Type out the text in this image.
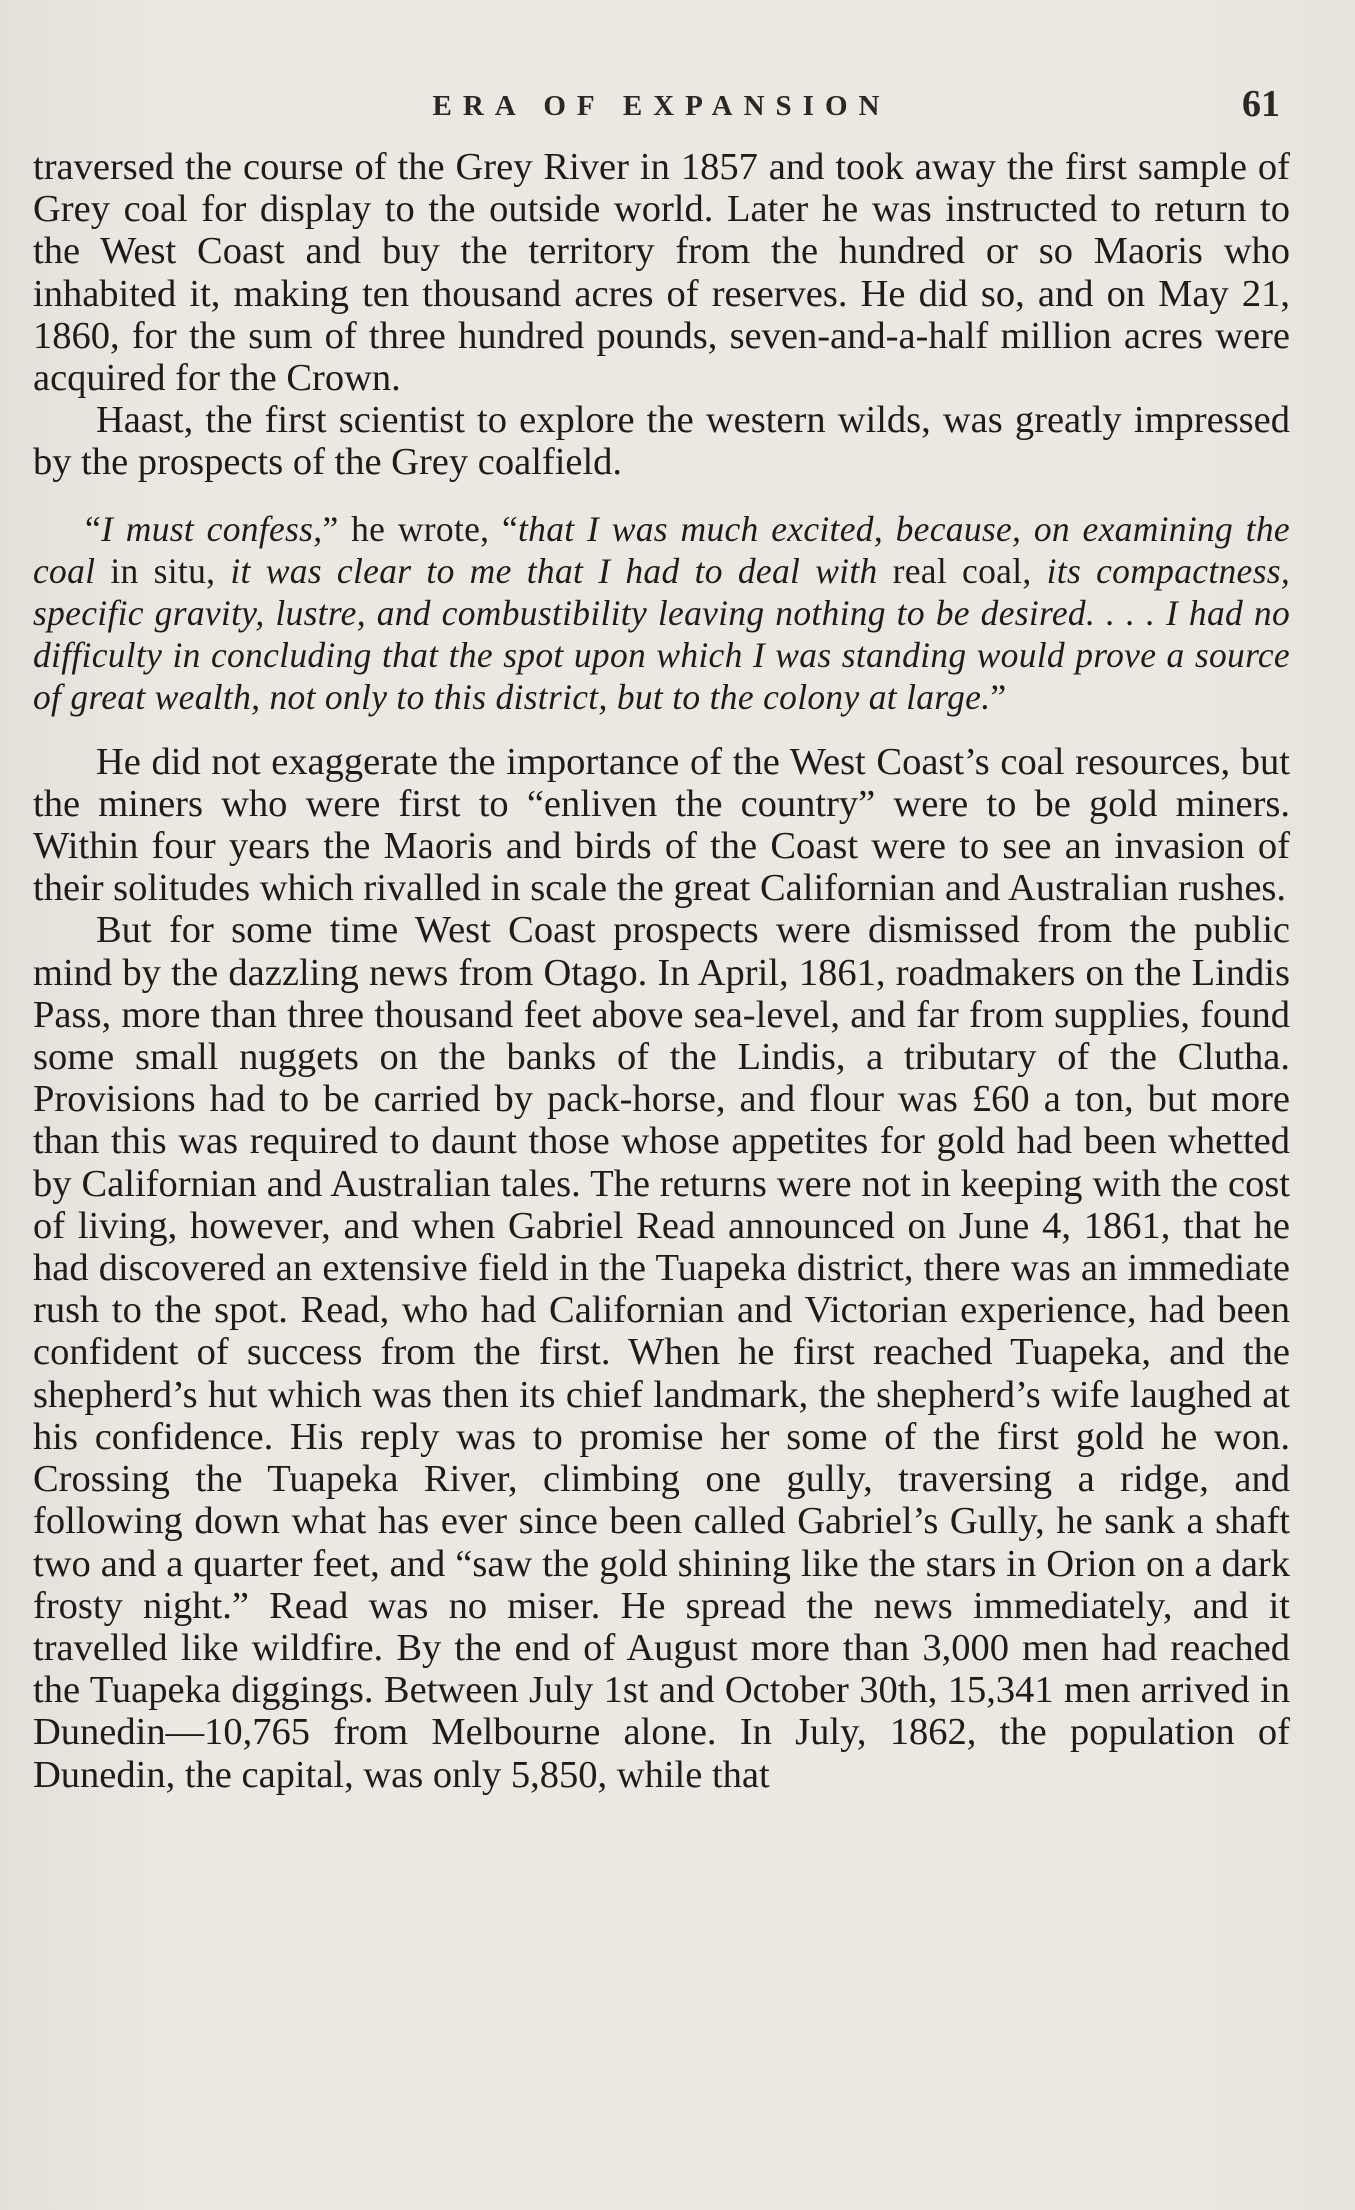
ERA OF EXPANSION	61

traversed the course of the Grey River in 1857 and took away the first sample of Grey coal for display to the outside world. Later he was instructed to return to the West Coast and buy the territory from the hundred or so Maoris who inhabited it, making ten thousand acres of reserves. He did so, and on May 21, 1860, for the sum of three hundred pounds, seven-and-a-half million acres were acquired for the Crown.

Haast, the first scientist to explore the western wilds, was greatly impressed by the prospects of the Grey coalfield.

“I must confess,” he wrote, “that I was much excited, because, on examining the coal in situ, it was clear to me that I had to deal with real coal, its compactness, specific gravity, lustre, and combustibility leaving nothing to be desired. . . . I had no difficulty in concluding that the spot upon which I was standing would prove a source of great wealth, not only to this district, but to the colony at large.”

He did not exaggerate the importance of the West Coast’s coal resources, but the miners who were first to “enliven the country” were to be gold miners. Within four years the Maoris and birds of the Coast were to see an invasion of their solitudes which rivalled in scale the great Californian and Australian rushes.

But for some time West Coast prospects were dismissed from the public mind by the dazzling news from Otago. In April, 1861, roadmakers on the Lindis Pass, more than three thousand feet above sea-level, and far from supplies, found some small nuggets on the banks of the Lindis, a tributary of the Clutha. Provisions had to be carried by pack-horse, and flour was £60 a ton, but more than this was required to daunt those whose appetites for gold had been whetted by Californian and Australian tales. The returns were not in keeping with the cost of living, however, and when Gabriel Read announced on June 4, 1861, that he had discovered an extensive field in the Tuapeka district, there was an immediate rush to the spot. Read, who had Californian and Victorian experience, had been confident of success from the first. When he first reached Tuapeka, and the shepherd’s hut which was then its chief landmark, the shepherd’s wife laughed at his confidence. His reply was to promise her some of the first gold he won. Crossing the Tuapeka River, climbing one gully, traversing a ridge, and following down what has ever since been called Gabriel’s Gully, he sank a shaft two and a quarter feet, and “saw the gold shining like the stars in Orion on a dark frosty night.” Read was no miser. He spread the news immediately, and it travelled like wildfire. By the end of August more than 3,000 men had reached the Tuapeka diggings. Between July 1st and October 30th, 15,341 men arrived in Dunedin—10,765 from Melbourne alone. In July, 1862, the population of Dunedin, the capital, was only 5,850, while that
